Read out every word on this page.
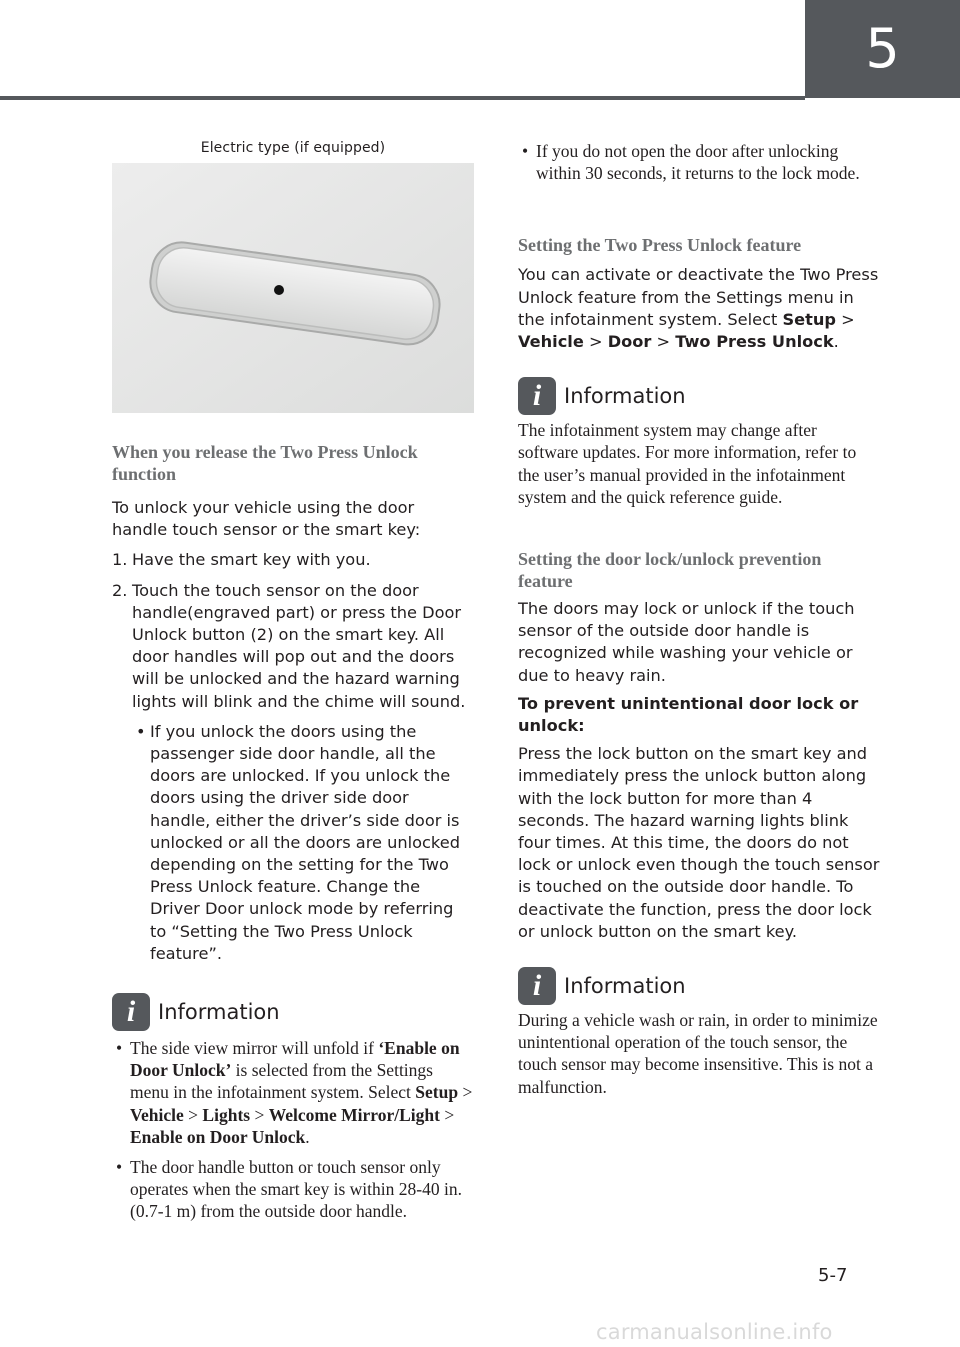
5
Electric type (if equipped)
When you release the Two Press Unlock function
To unlock your vehicle using the door handle touch sensor or the smart key:
1. Have the smart key with you.
2. Touch the touch sensor on the door handle(engraved part) or press the Door Unlock button (2) on the smart key. All door handles will pop out and the doors will be unlocked and the hazard warning lights will blink and the chime will sound.
• If you unlock the doors using the passenger side door handle, all the doors are unlocked. If you unlock the doors using the driver side door handle, either the driver’s side door is unlocked or all the doors are unlocked depending on the setting for the Two Press Unlock feature. Change the Driver Door unlock mode by referring to “Setting the Two Press Unlock feature”.
i	Information
• The side view mirror will unfold if ‘Enable on Door Unlock’ is selected from the Settings menu in the infotainment system. Select Setup > Vehicle > Lights > Welcome Mirror/Light > Enable on Door Unlock.
• The door handle button or touch sensor only operates when the smart key is within 28-40 in. (0.7-1 m) from the outside door handle.
• If you do not open the door after unlocking within 30 seconds, it returns to the lock mode.
Setting the Two Press Unlock feature
You can activate or deactivate the Two Press Unlock feature from the Settings menu in the infotainment system. Select Setup > Vehicle > Door > Two Press Unlock.
i	Information
The infotainment system may change after software updates. For more information, refer to the user’s manual provided in the infotainment system and the quick reference guide.
Setting the door lock/unlock prevention feature
The doors may lock or unlock if the touch sensor of the outside door handle is recognized while washing your vehicle or due to heavy rain.
To prevent unintentional door lock or unlock:
Press the lock button on the smart key and immediately press the unlock button along with the lock button for more than 4 seconds. The hazard warning lights blink four times. At this time, the doors do not lock or unlock even though the touch sensor is touched on the outside door handle. To deactivate the function, press the door lock or unlock button on the smart key.
i	Information
During a vehicle wash or rain, in order to minimize unintentional operation of the touch sensor, the touch sensor may become insensitive. This is not a malfunction.
5-7
carmanualsonline.info
